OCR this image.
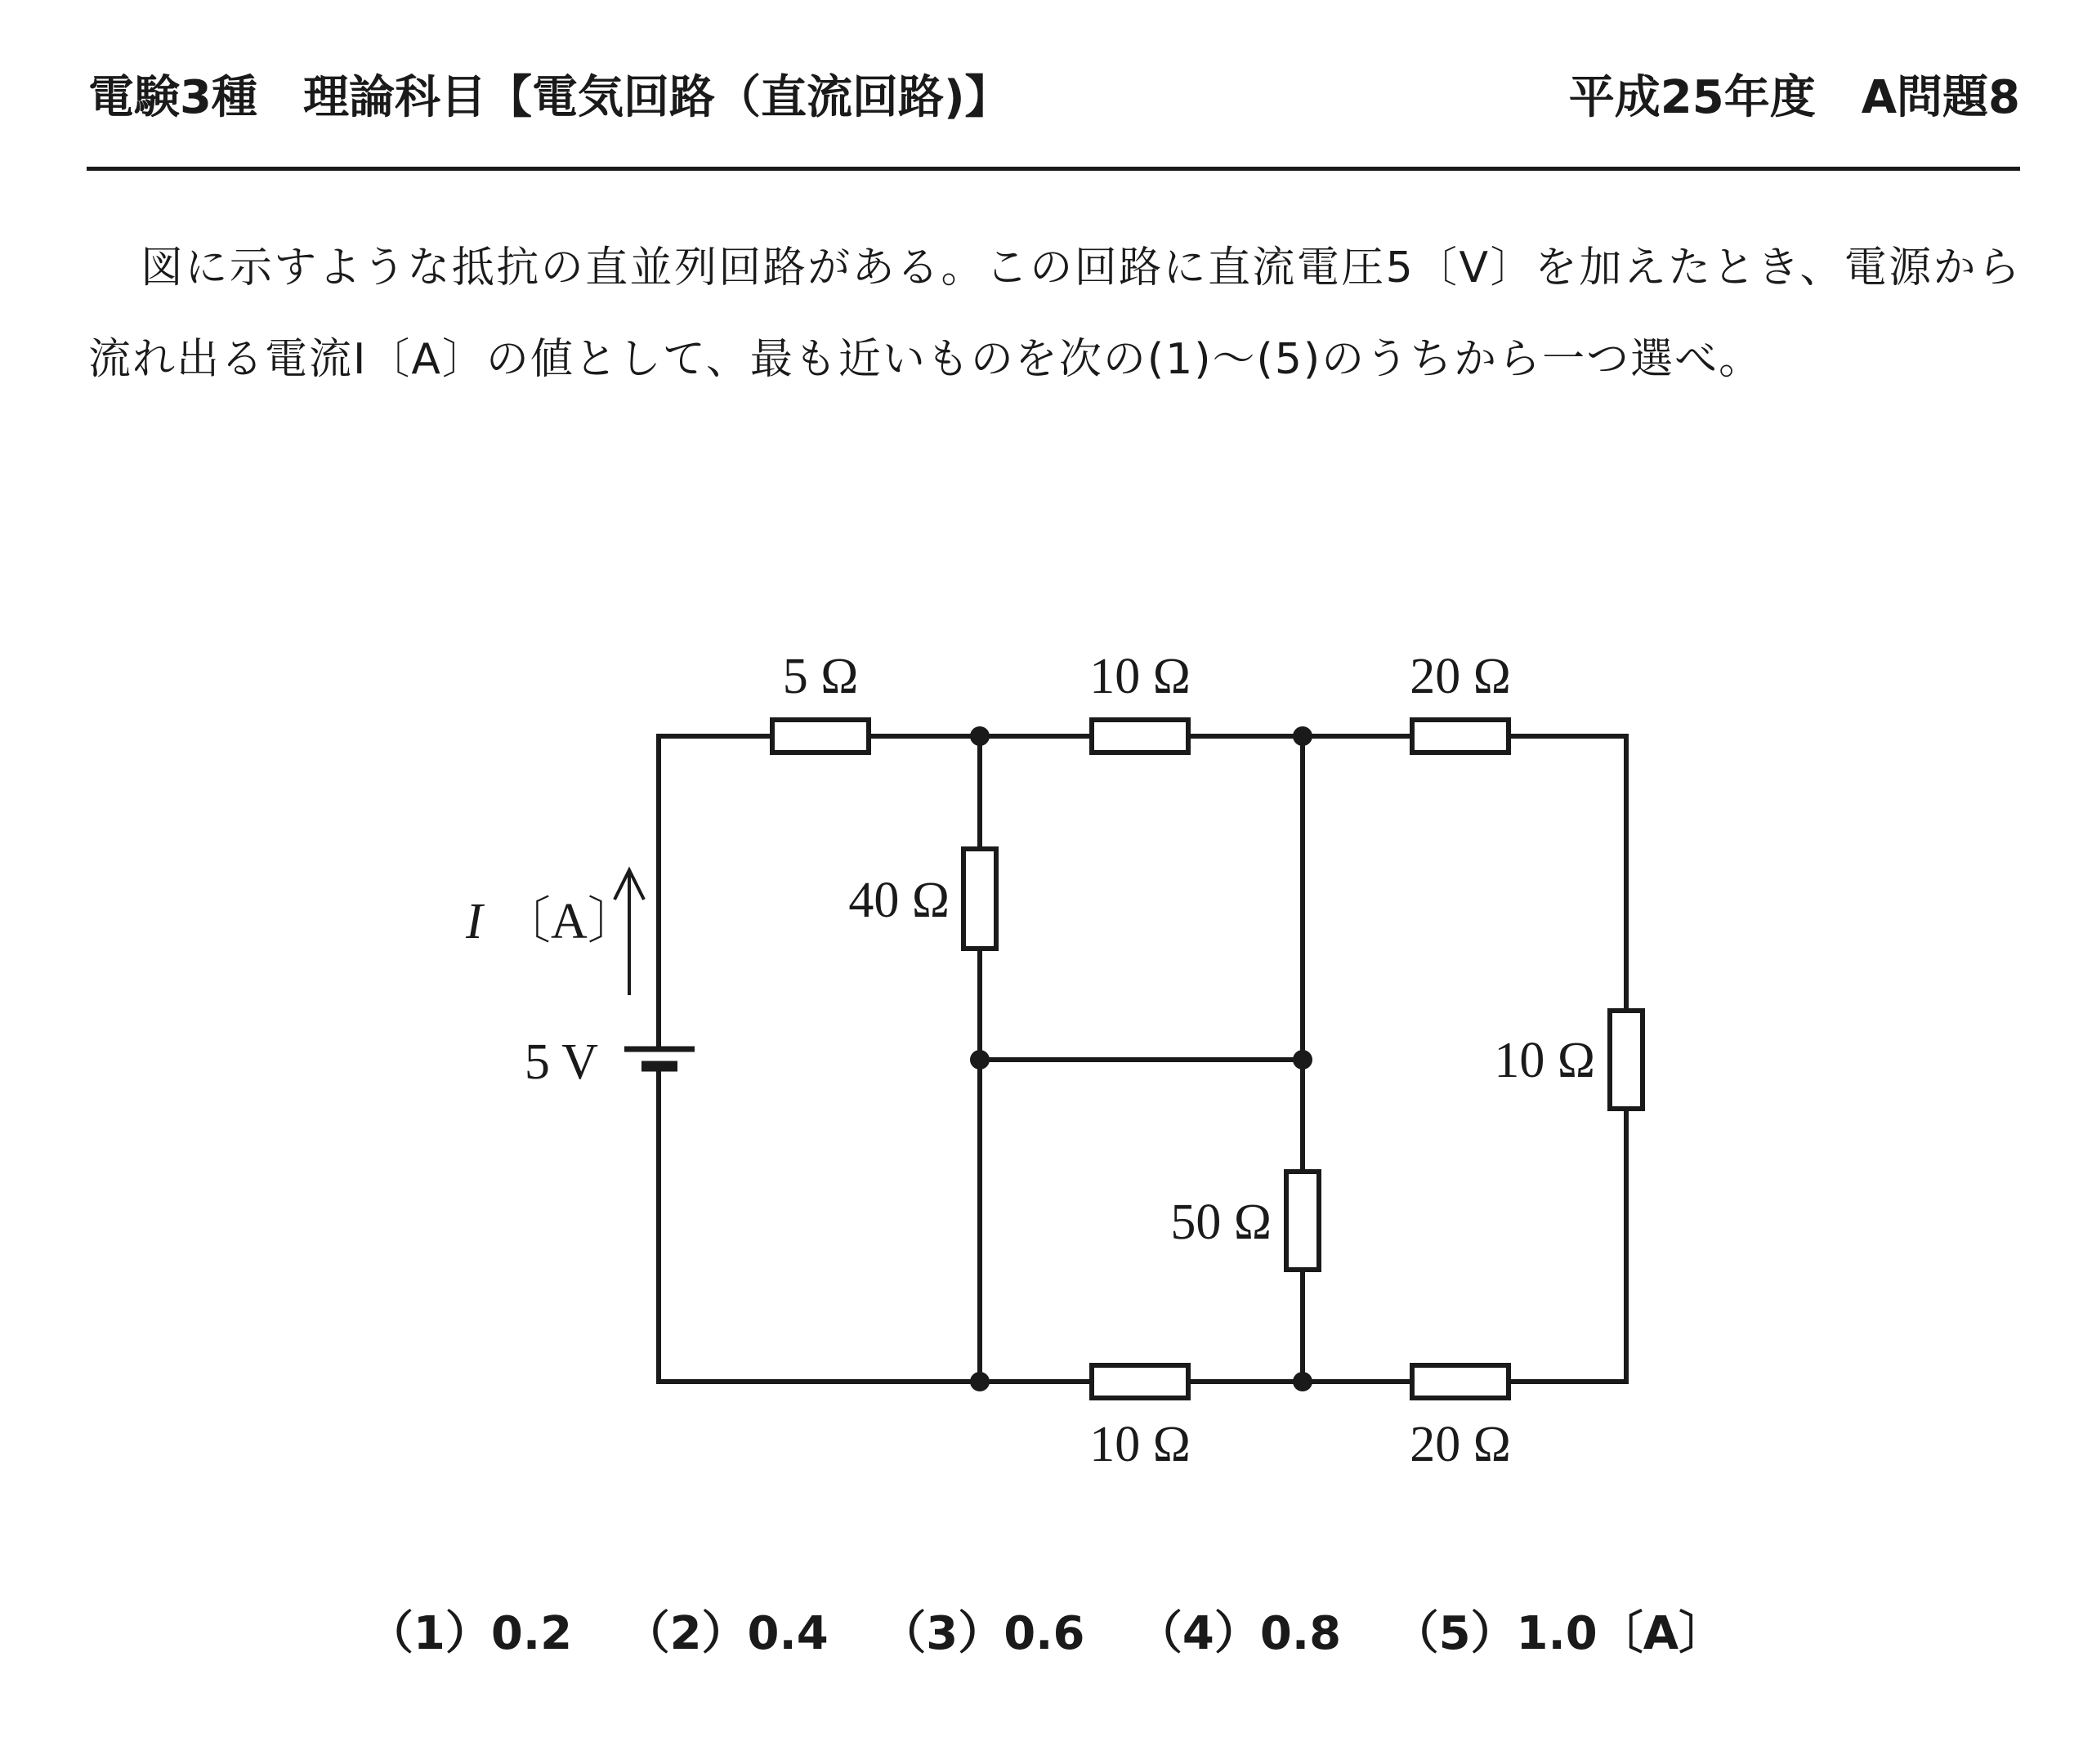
電験3種　理論科目【電気回路（直流回路)】	平成25年度　A問題8

図に示すような抵抗の直並列回路がある。この回路に直流電圧5〔V〕を加えたとき、電源から流れ出る電流I〔A〕の値として、最も近いものを次の(1)～(5)のうちから一つ選べ。

5 Ω	10 Ω	20 Ω
40 Ω
50 Ω
10 Ω
10 Ω	20 Ω
5 V
I 〔A〕
（1）0.2 （2）0.4 （3）0.6 （4）0.8 （5）1.0〔A〕
